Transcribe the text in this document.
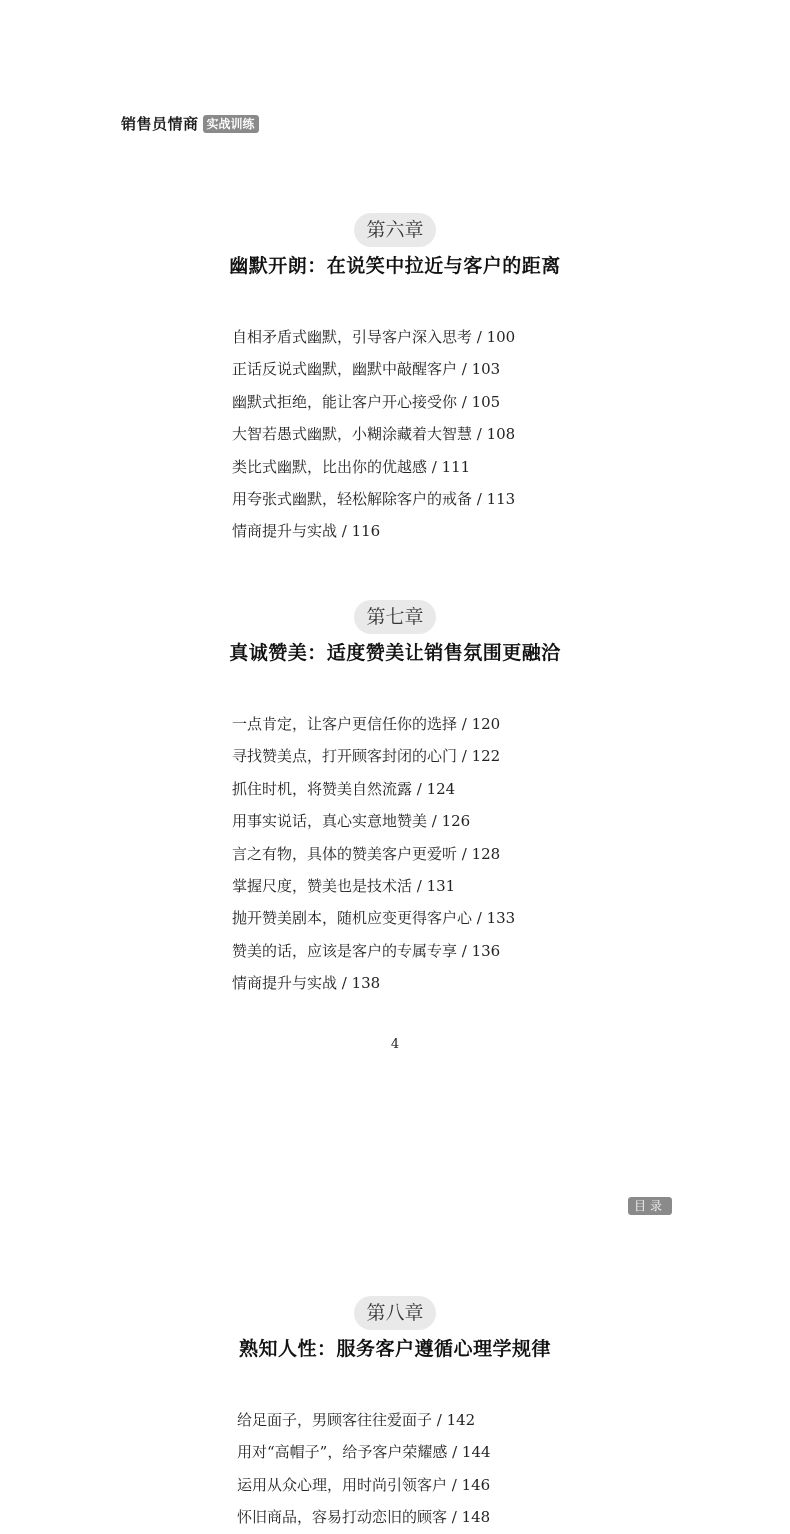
销售员情商 实战训练
第六章
幽默开朗：在说笑中拉近与客户的距离
自相矛盾式幽默，引导客户深入思考 / 100
正话反说式幽默，幽默中敲醒客户 / 103
幽默式拒绝，能让客户开心接受你 / 105
大智若愚式幽默，小糊涂藏着大智慧 / 108
类比式幽默，比出你的优越感 / 111
用夸张式幽默，轻松解除客户的戒备 / 113
情商提升与实战 / 116
第七章
真诚赞美：适度赞美让销售氛围更融洽
一点肯定，让客户更信任你的选择 / 120
寻找赞美点，打开顾客封闭的心门 / 122
抓住时机，将赞美自然流露 / 124
用事实说话，真心实意地赞美 / 126
言之有物，具体的赞美客户更爱听 / 128
掌握尺度，赞美也是技术活 / 131
抛开赞美剧本，随机应变更得客户心 / 133
赞美的话，应该是客户的专属专享 / 136
情商提升与实战 / 138
4
目录
第八章
熟知人性：服务客户遵循心理学规律
给足面子，男顾客往往爱面子 / 142
用对“高帽子”，给予客户荣耀感 / 144
运用从众心理，用时尚引领客户 / 146
怀旧商品，容易打动恋旧的顾客 / 148
